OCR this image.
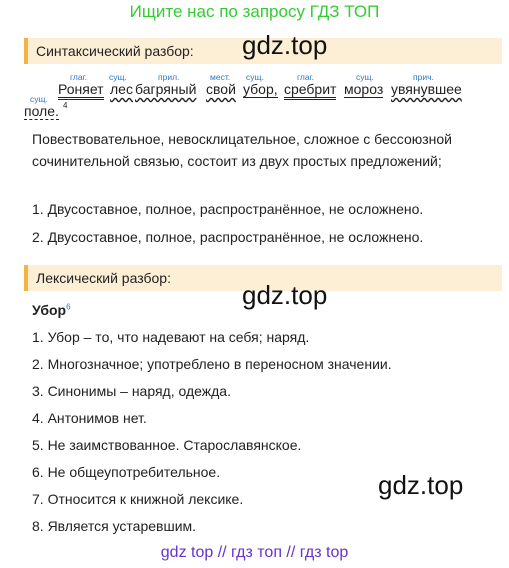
Ищите нас по запросу ГДЗ ТОП
Синтаксический разбор:	gdz.top
глаг.	сущ.	прил.	мест. сущ.	глаг.	сущ.	прич.
сущ.
Роняет лес багряный свой убор, сребрит мороз увянувшее
поле. 4
Повествовательное, невосклицательное, сложное с бессоюзной сочинительной связью, состоит из двух простых предложений;
1. Двусоставное, полное, распространённое, не осложнено.
2. Двусоставное, полное, распространённое, не осложнено.
Лексический разбор:
gdz.top
Убор$^6$
1. Убор – то, что надевают на себя; наряд.
2. Многозначное; употреблено в переносном значении.
3. Синонимы – наряд, одежда.
4. Антонимов нет.
5. Не заимствованное. Старославянское.
6. Не общеупотребительное.
7. Относится к книжной лексике.
8. Является устаревшим.
gdz.top
gdz top // гдз топ // гдз top
